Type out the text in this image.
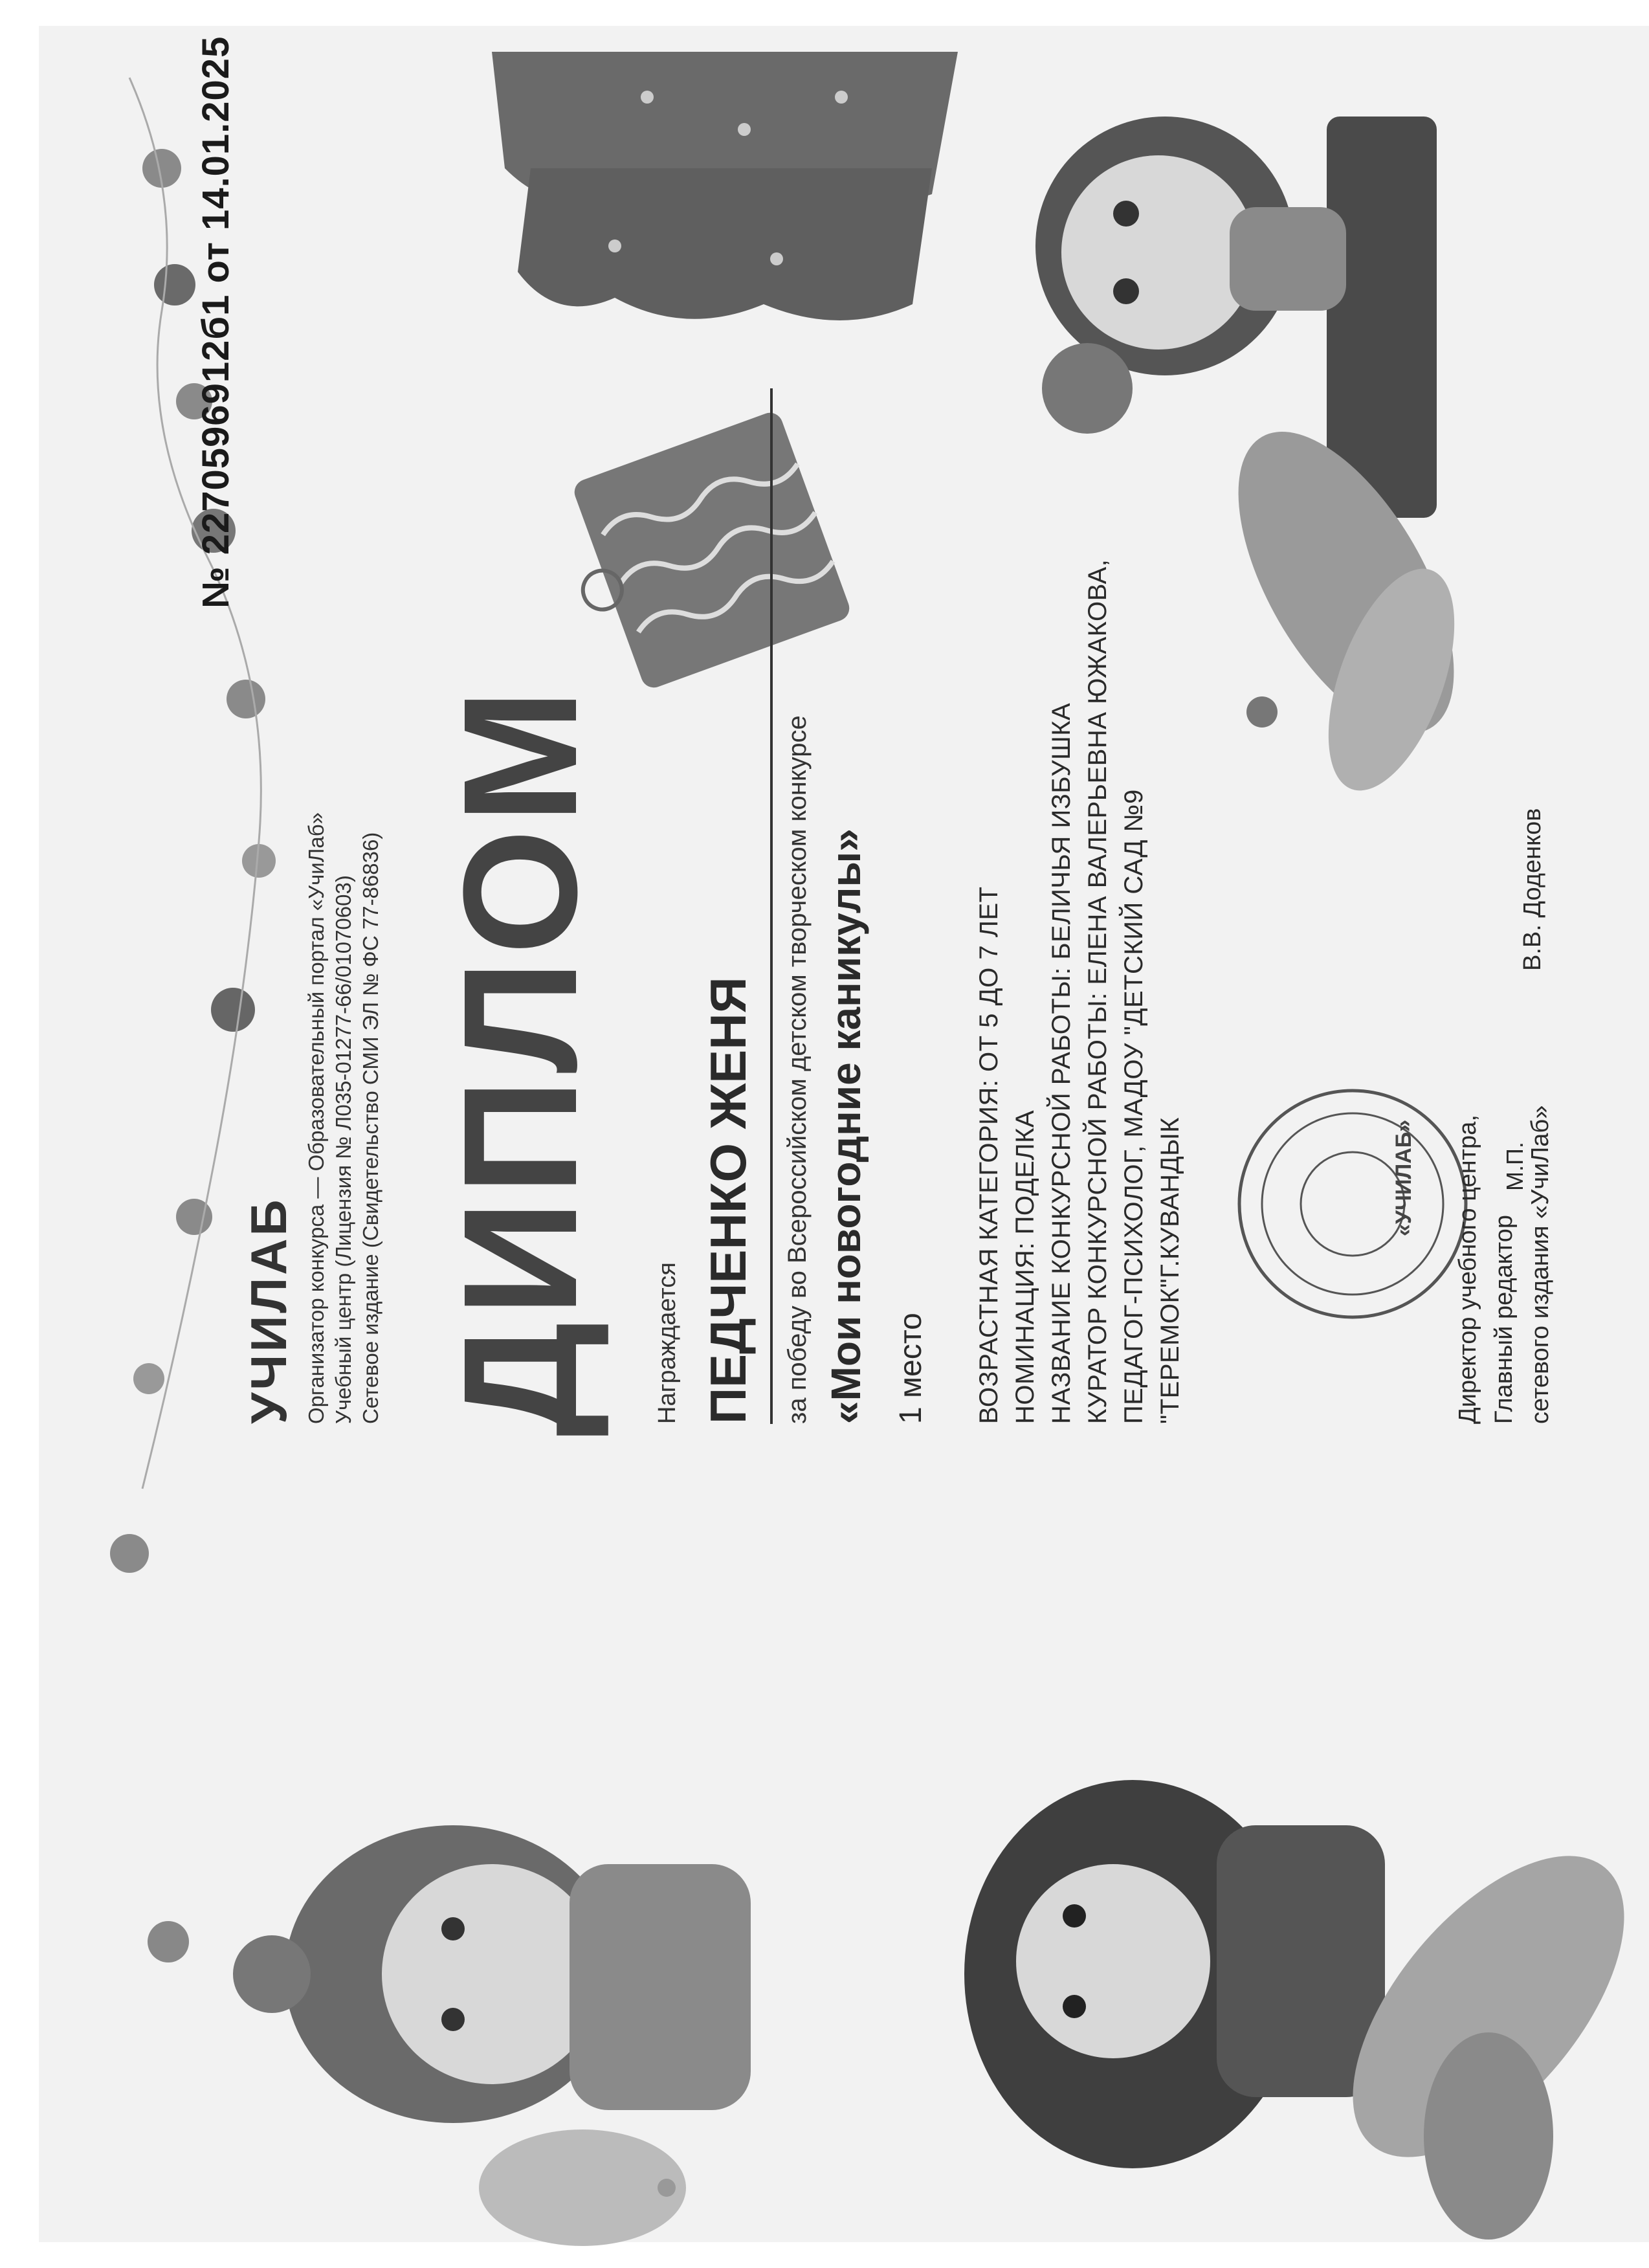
УЧИЛАБ Организатор конкурса — Образовательный портал «УчиЛаб» Учебный центр (Лицензия № Л035-01277-66/01070603) Сетевое издание (Свидетельство СМИ ЭЛ № ФС 77-86836) ДИПЛОМ Награждается ПЕДЧЕНКО ЖЕНЯ за победу во Всероссийском детском творческом конкурсе «Мои новогодние каникулы» 1 место ВОЗРАСТНАЯ КАТЕГОРИЯ: ОТ 5 ДО 7 ЛЕТ НОМИНАЦИЯ: ПОДЕЛКА НАЗВАНИЕ КОНКУРСНОЙ РАБОТЫ: БЕЛИЧЬЯ ИЗБУШКА КУРАТОР КОНКУРСНОЙ РАБОТЫ: ЕЛЕНА ВАЛЕРЬЕВНА ЮЖАКОВА, ПЕДАГОГ-ПСИХОЛОГ, МАДОУ "ДЕТСКИЙ САД №9 "ТЕРЕМОК"Г.КУВАНДЫК	Директор учебного центра, Главный редактор сетевого издания «УчиЛаб»
«УЧИЛАБ»	М.П.
В.В. Доденков
№ 2270596912б1 от 14.01.2025
